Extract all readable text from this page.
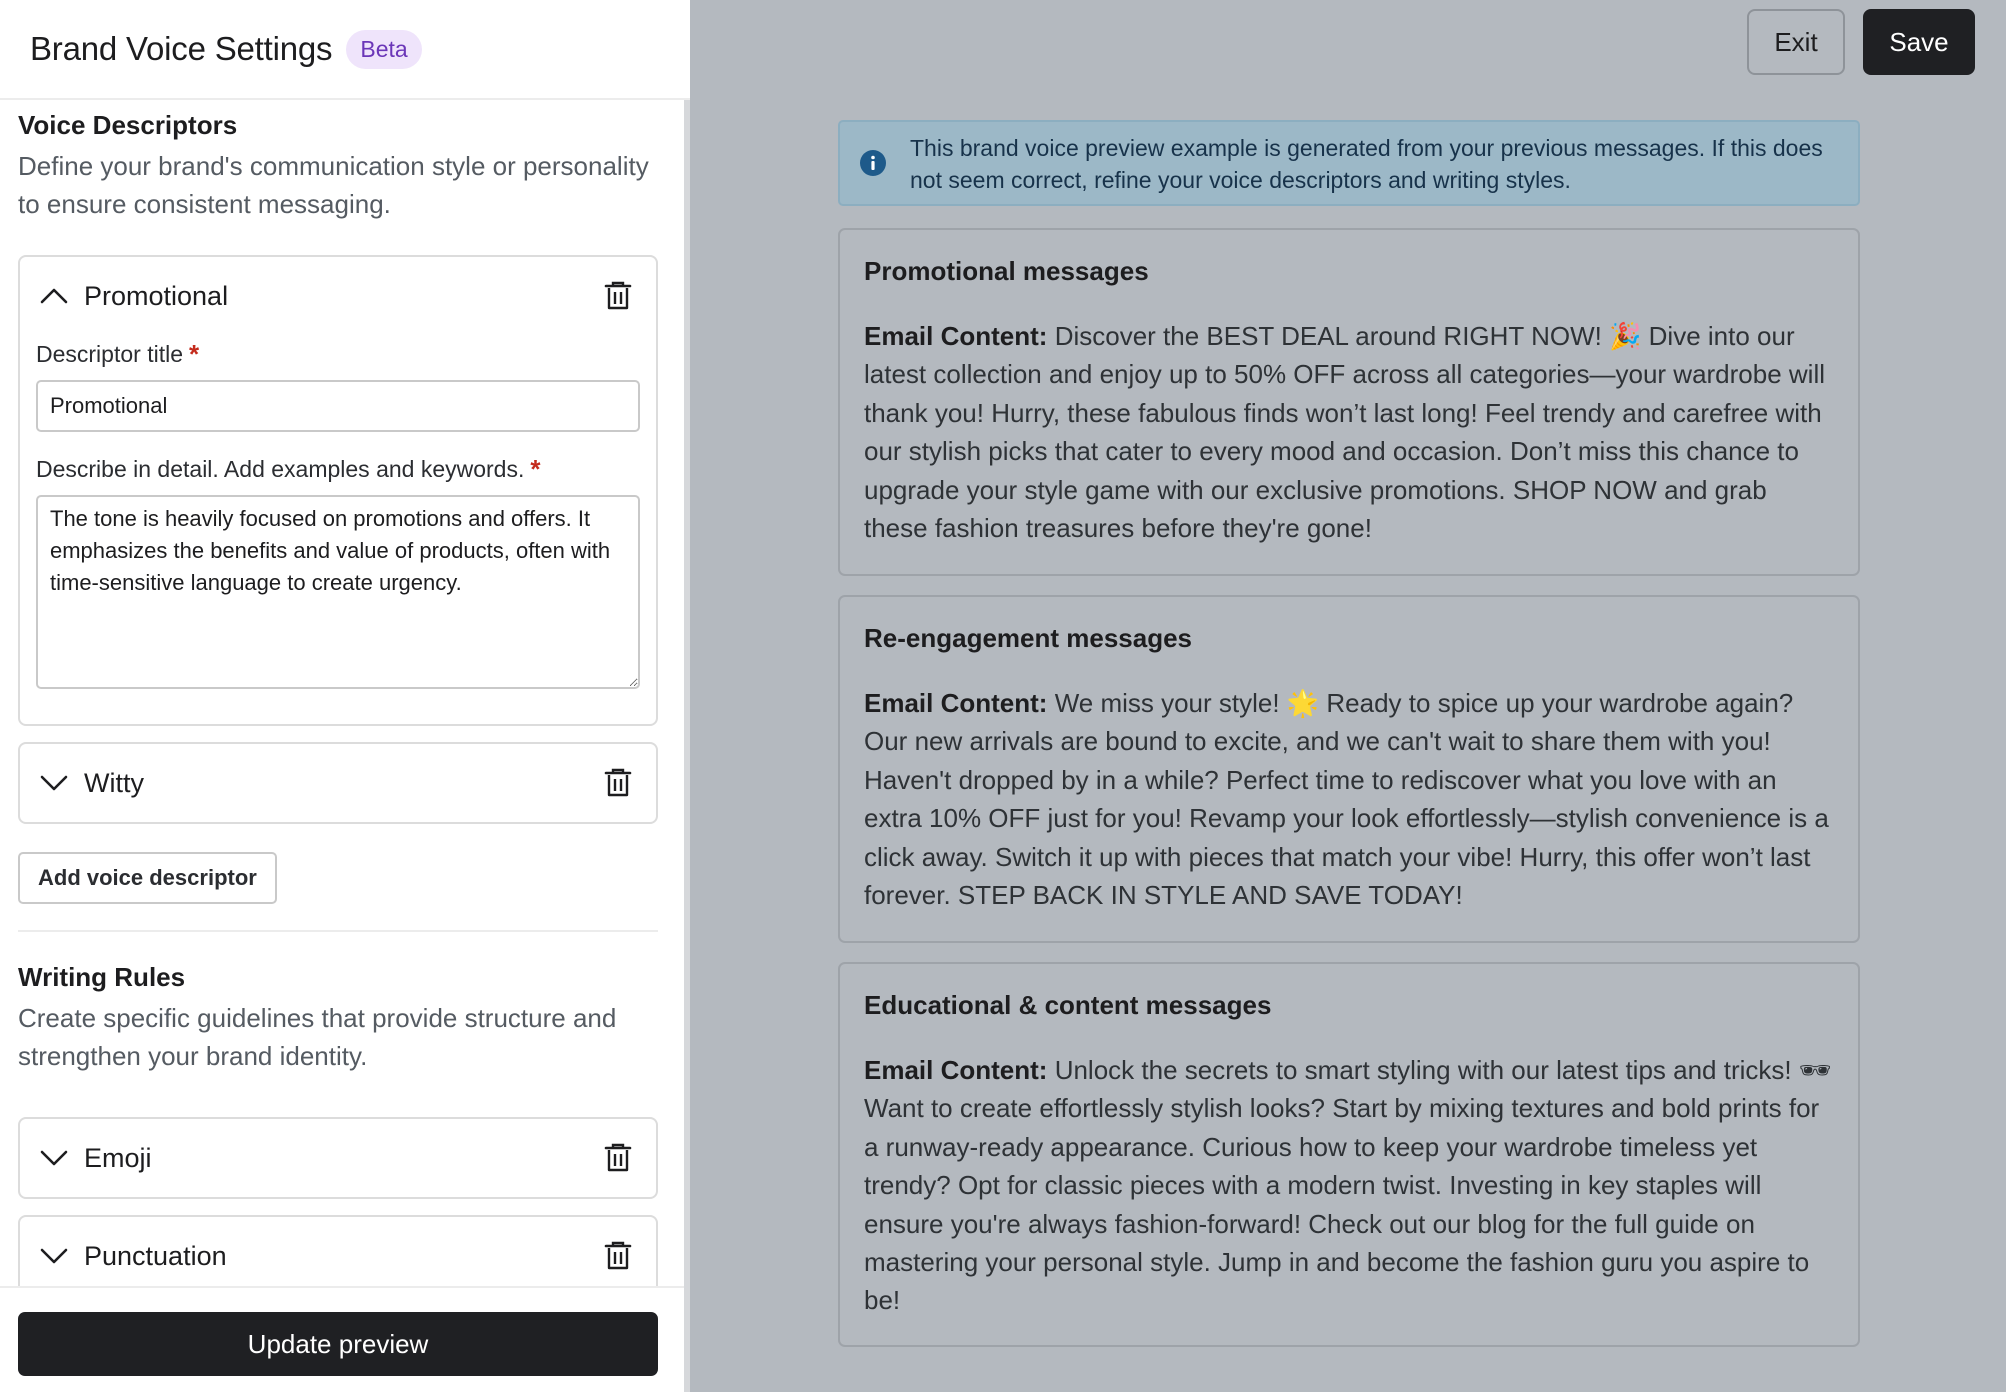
Brand Voice Settings	Beta
Voice Descriptors
Define your brand's communication style or personality to ensure consistent messaging.
Promotional
Descriptor title *
Promotional
Describe in detail. Add examples and keywords. *
The tone is heavily focused on promotions and offers. It emphasizes the benefits and value of products, often with time-sensitive language to create urgency.
Witty
Add voice descriptor
Writing Rules
Create specific guidelines that provide structure and strengthen your brand identity.
Emoji
Punctuation
Update preview
Exit	Save
This brand voice preview example is generated from your previous messages. If this does not seem correct, refine your voice descriptors and writing styles.
Promotional messages
Email Content: Discover the BEST DEAL around RIGHT NOW! 🎉 Dive into our latest collection and enjoy up to 50% OFF across all categories—your wardrobe will thank you! Hurry, these fabulous finds won’t last long! Feel trendy and carefree with our stylish picks that cater to every mood and occasion. Don’t miss this chance to upgrade your style game with our exclusive promotions. SHOP NOW and grab these fashion treasures before they're gone!
Re-engagement messages
Email Content: We miss your style! 🌟 Ready to spice up your wardrobe again? Our new arrivals are bound to excite, and we can't wait to share them with you! Haven't dropped by in a while? Perfect time to rediscover what you love with an extra 10% OFF just for you! Revamp your look effortlessly—stylish convenience is a click away. Switch it up with pieces that match your vibe! Hurry, this offer won’t last forever. STEP BACK IN STYLE AND SAVE TODAY!
Educational & content messages
Email Content: Unlock the secrets to smart styling with our latest tips and tricks! 🕶 Want to create effortlessly stylish looks? Start by mixing textures and bold prints for a runway-ready appearance. Curious how to keep your wardrobe timeless yet trendy? Opt for classic pieces with a modern twist. Investing in key staples will ensure you're always fashion-forward! Check out our blog for the full guide on mastering your personal style. Jump in and become the fashion guru you aspire to be!
